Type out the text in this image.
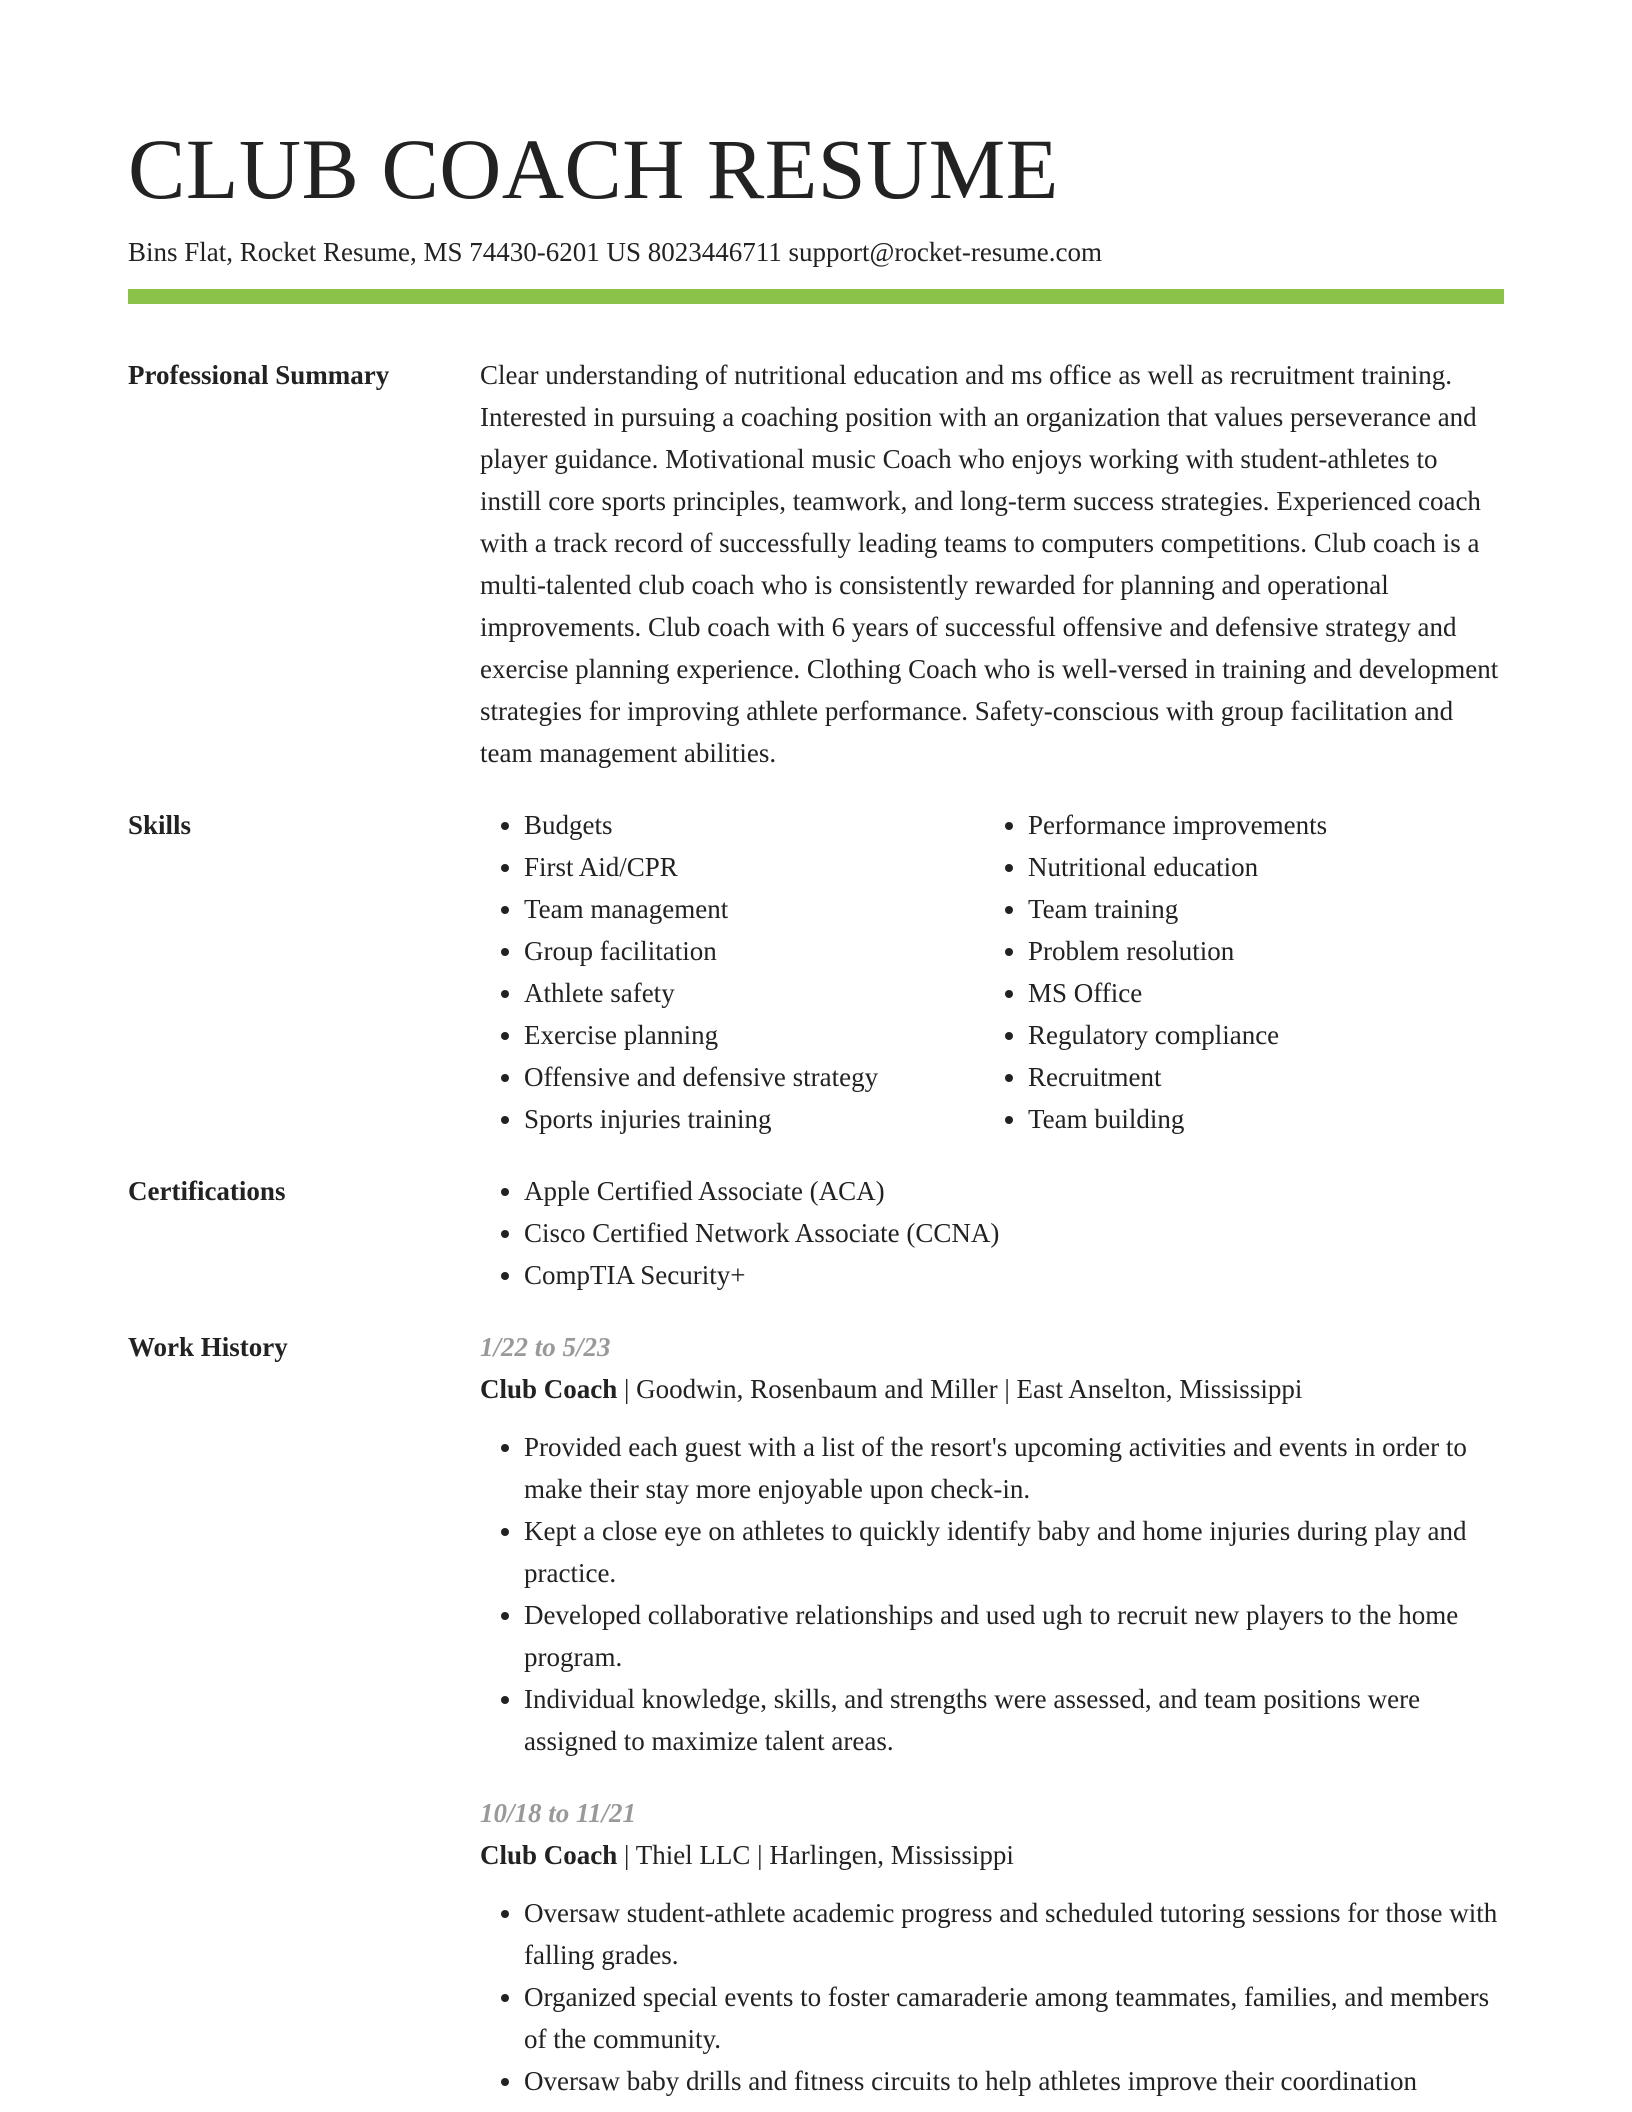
CLUB COACH RESUME
Bins Flat, Rocket Resume, MS 74430-6201 US 8023446711 support@rocket-resume.com
Professional Summary	Clear understanding of nutritional education and ms office as well as recruitment training. Interested in pursuing a coaching position with an organization that values perseverance and player guidance. Motivational music Coach who enjoys working with student-athletes to instill core sports principles, teamwork, and long-term success strategies. Experienced coach with a track record of successfully leading teams to computers competitions. Club coach is a multi-talented club coach who is consistently rewarded for planning and operational improvements. Club coach with 6 years of successful offensive and defensive strategy and exercise planning experience. Clothing Coach who is well-versed in training and development strategies for improving athlete performance. Safety-conscious with group facilitation and team management abilities.

Skills	• Budgets
• First Aid/CPR
• Team management
• Group facilitation
• Athlete safety
• Exercise planning
• Offensive and defensive strategy
• Sports injuries training
• Performance improvements
• Nutritional education
• Team training
• Problem resolution
• MS Office
• Regulatory compliance
• Recruitment
• Team building
Certifications	• Apple Certified Associate (ACA)
• Cisco Certified Network Associate (CCNA)
• CompTIA Security+
Work History	1/22 to 5/23
Club Coach | Goodwin, Rosenbaum and Miller | East Anselton, Mississippi
• Provided each guest with a list of the resort's upcoming activities and events in order to make their stay more enjoyable upon check-in.
• Kept a close eye on athletes to quickly identify baby and home injuries during play and practice.
• Developed collaborative relationships and used ugh to recruit new players to the home program.
• Individual knowledge, skills, and strengths were assessed, and team positions were assigned to maximize talent areas.
10/18 to 11/21
Club Coach | Thiel LLC | Harlingen, Mississippi
• Oversaw student-athlete academic progress and scheduled tutoring sessions for those with falling grades.
• Organized special events to foster camaraderie among teammates, families, and members of the community.
• Oversaw baby drills and fitness circuits to help athletes improve their coordination
